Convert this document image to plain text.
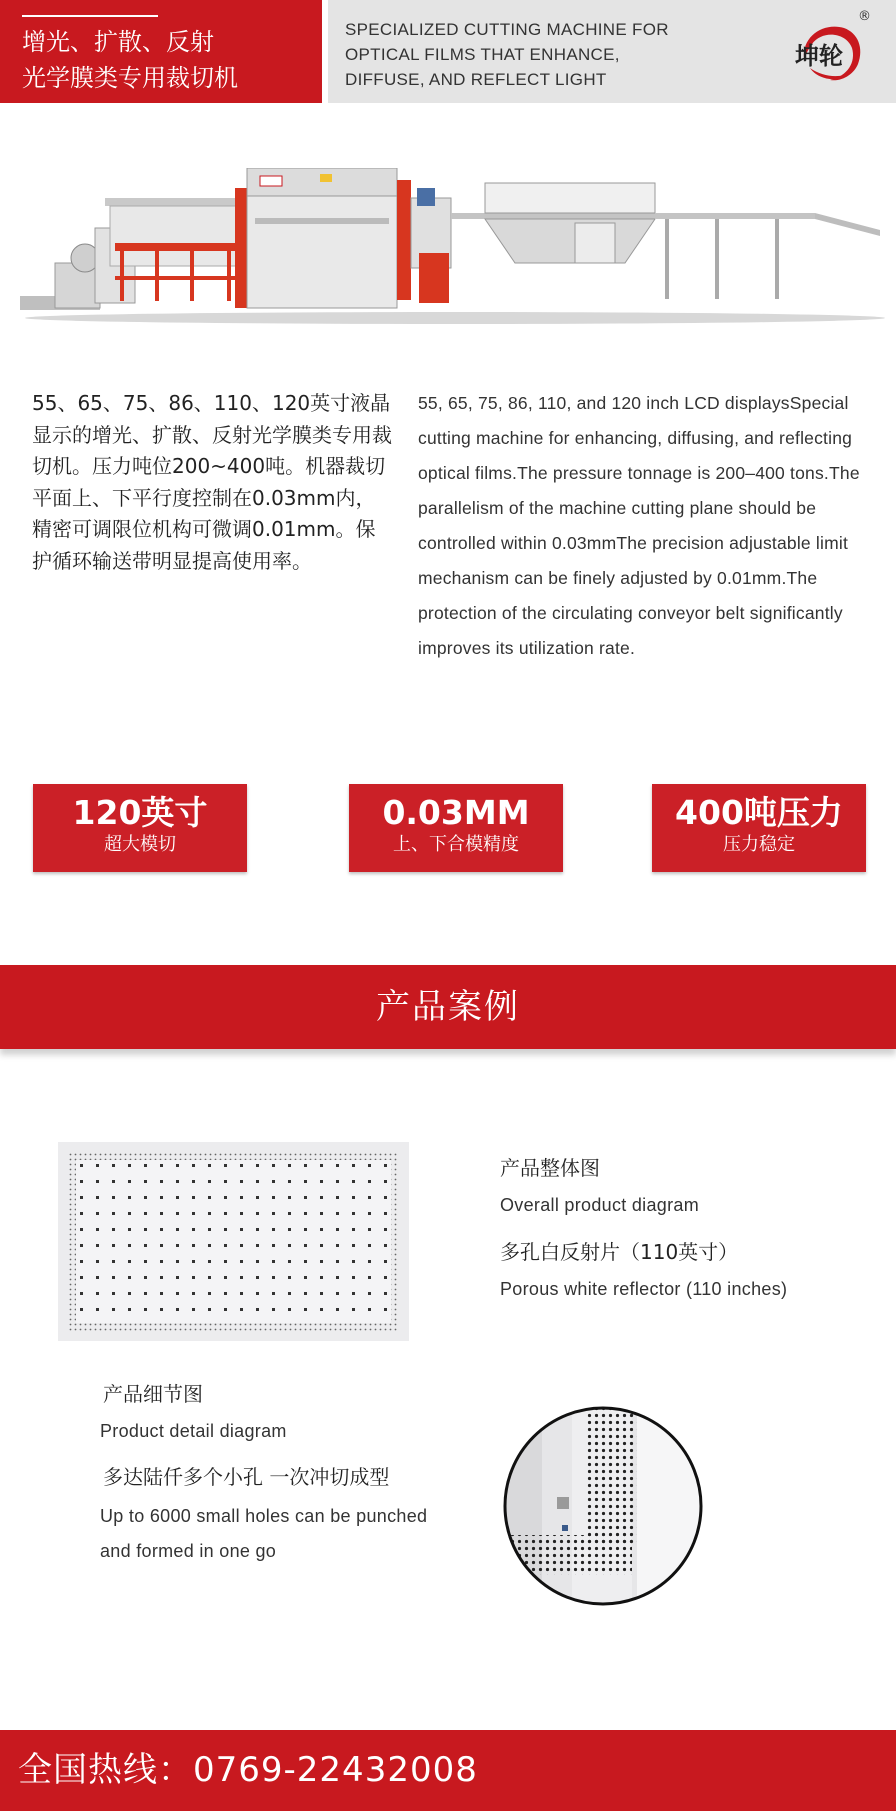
增光、扩散、反射
光学膜类专用裁切机
SPECIALIZED CUTTING MACHINE FOR
OPTICAL FILMS THAT ENHANCE,
DIFFUSE, AND REFLECT LIGHT
坤轮
®
55、65、75、86、110、120英寸液晶显示的增光、扩散、反射光学膜类专用裁切机。压力吨位200~400吨。机器裁切平面上、下平行度控制在0.03mm内，精密可调限位机构可微调0.01mm。保护循环输送带明显提高使用率。
55, 65, 75, 86, 110, and 120 inch LCD displaysSpecial cutting machine for enhancing, diffusing, and reflecting optical films.The pressure tonnage is 200–400 tons.The parallelism of the machine cutting plane should be controlled within 0.03mmThe precision adjustable limit mechanism can be finely adjusted by 0.01mm.The protection of the circulating conveyor belt significantly improves its utilization rate.
120英寸
超大模切
0.03MM
上、下合模精度
400吨压力
压力稳定
产品案例
产品整体图
Overall product diagram
多孔白反射片（110英寸）
Porous white reflector (110 inches)
产品细节图
Product detail diagram
多达陆仟多个小孔 一次冲切成型
Up to 6000 small holes can be punched and formed in one go
全国热线：0769-22432008
